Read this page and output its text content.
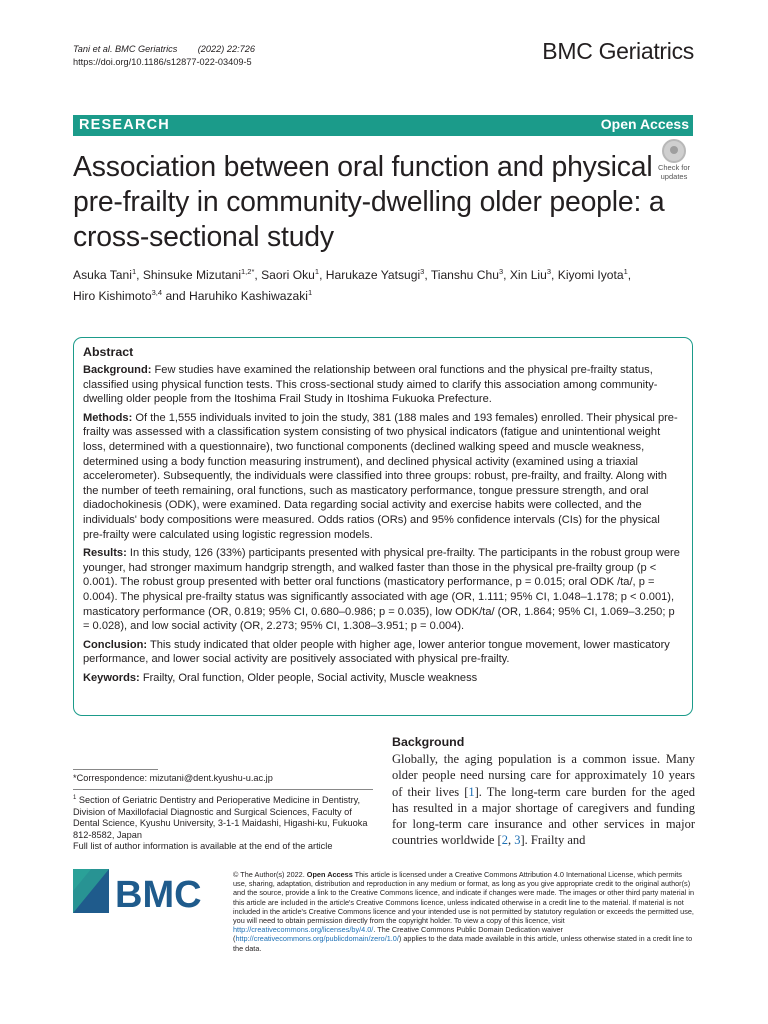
Tani et al. BMC Geriatrics (2022) 22:726
https://doi.org/10.1186/s12877-022-03409-5	BMC Geriatrics
RESEARCH	Open Access
Association between oral function and physical pre-frailty in community-dwelling older people: a cross-sectional study
Check for
updates
Asuka Tani$^1$, Shinsuke Mizutani$^{1,2*}$, Saori Oku$^1$, Harukaze Yatsugi$^3$, Tianshu Chu$^3$, Xin Liu$^3$, Kiyomi Iyota$^1$,
Hiro Kishimoto$^{3,4}$ and Haruhiko Kashiwazaki$^1$
Abstract

Background: Few studies have examined the relationship between oral functions and the physical pre-frailty status, classified using physical function tests. This cross-sectional study aimed to clarify this association among community-dwelling older people from the Itoshima Frail Study in Itoshima Fukuoka Prefecture.

Methods: Of the 1,555 individuals invited to join the study, 381 (188 males and 193 females) enrolled. Their physical pre-frailty was assessed with a classification system consisting of two physical indicators (fatigue and unintentional weight loss, determined with a questionnaire), two functional components (declined walking speed and muscle weakness, determined using a body function measuring instrument), and declined physical activity (examined using a triaxial accelerometer). Subsequently, the individuals were classified into three groups: robust, pre-frailty, and frailty. Along with the number of teeth remaining, oral functions, such as masticatory performance, tongue pressure strength, and oral diadochokinesis (ODK), were examined. Data regarding social activity and exercise habits were collected, and the individuals' body compositions were measured. Odds ratios (ORs) and 95% confidence intervals (CIs) for the physical pre-frailty were calculated using logistic regression models.

Results: In this study, 126 (33%) participants presented with physical pre-frailty. The participants in the robust group were younger, had stronger maximum handgrip strength, and walked faster than those in the physical pre-frailty group (p < 0.001). The robust group presented with better oral functions (masticatory performance, p = 0.015; oral ODK /ta/, p = 0.004). The physical pre-frailty status was significantly associated with age (OR, 1.111; 95% CI, 1.048–1.178; p < 0.001), masticatory performance (OR, 0.819; 95% CI, 0.680–0.986; p = 0.035), low ODK/ta/ (OR, 1.864; 95% CI, 1.069–3.250; p = 0.028), and low social activity (OR, 2.273; 95% CI, 1.308–3.951; p = 0.004).

Conclusion: This study indicated that older people with higher age, lower anterior tongue movement, lower masticatory performance, and lower social activity are positively associated with physical pre-frailty.

Keywords: Frailty, Oral function, Older people, Social activity, Muscle weakness

*Correspondence: mizutani@dent.kyushu-u.ac.jp
$^1$ Section of Geriatric Dentistry and Perioperative Medicine in Dentistry, Division of Maxillofacial Diagnostic and Surgical Sciences, Faculty of Dental Science, Kyushu University, 3-1-1 Maidashi, Higashi-ku, Fukuoka 812-8582, Japan
Full list of author information is available at the end of the article
Background
Globally, the aging population is a common issue. Many older people need nursing care for approximately 10 years of their lives [1]. The long-term care burden for the aged has resulted in a major shortage of caregivers and funding for long-term care insurance and other services in major countries worldwide [2, 3]. Frailty and
BMC	© The Author(s) 2022. Open Access This article is licensed under a Creative Commons Attribution 4.0 International License, which permits use, sharing, adaptation, distribution and reproduction in any medium or format, as long as you give appropriate credit to the original author(s) and the source, provide a link to the Creative Commons licence, and indicate if changes were made. The images or other third party material in this article are included in the article's Creative Commons licence, unless indicated otherwise in a credit line to the material. If material is not included in the article's Creative Commons licence and your intended use is not permitted by statutory regulation or exceeds the permitted use, you will need to obtain permission directly from the copyright holder. To view a copy of this licence, visit http://creativecommons.org/licenses/by/4.0/. The Creative Commons Public Domain Dedication waiver (http://creativecommons.org/publicdomain/zero/1.0/) applies to the data made available in this article, unless otherwise stated in a credit line to the data.
